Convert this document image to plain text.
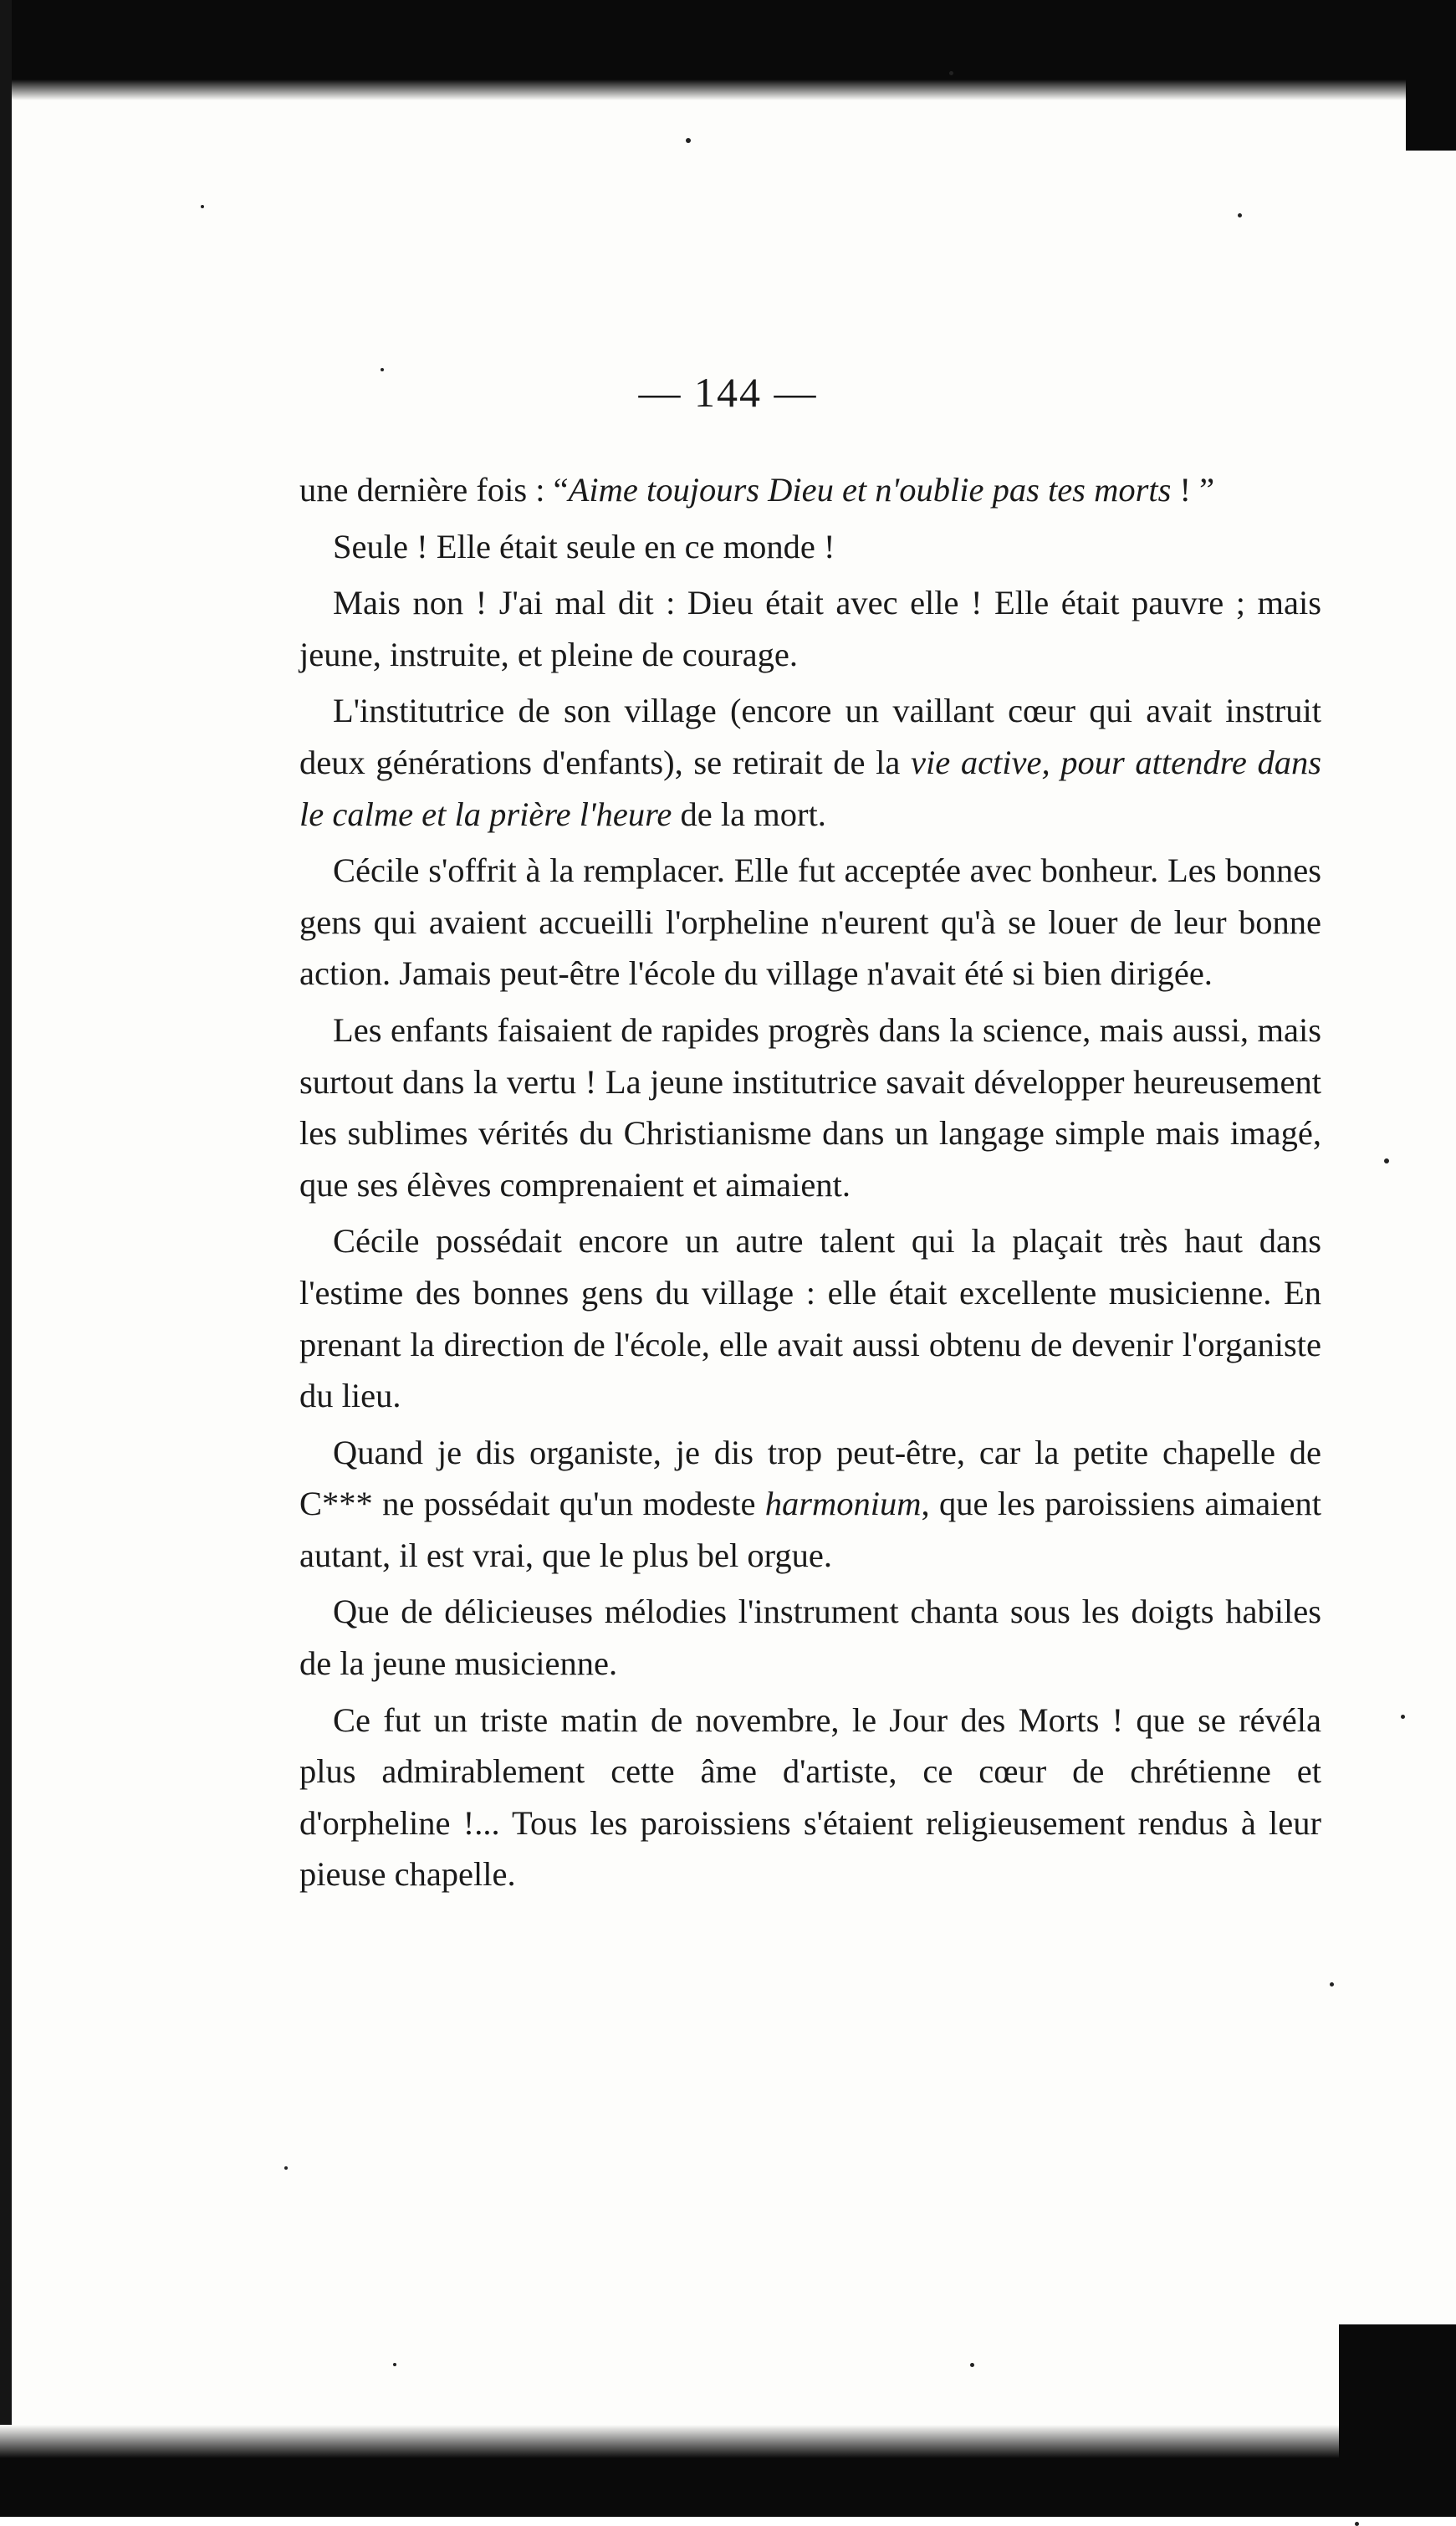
— 144 —

une dernière fois : “Aime toujours Dieu et n'oublie pas tes morts ! ”

Seule ! Elle était seule en ce monde !

Mais non ! J'ai mal dit : Dieu était avec elle ! Elle était pauvre ; mais jeune, instruite, et pleine de courage.

L'institutrice de son village (encore un vaillant cœur qui avait instruit deux générations d'enfants), se retirait de la vie active, pour attendre dans le calme et la prière l'heure de la mort.

Cécile s'offrit à la remplacer. Elle fut acceptée avec bonheur. Les bonnes gens qui avaient accueilli l'orpheline n'eurent qu'à se louer de leur bonne action. Jamais peut-être l'école du village n'avait été si bien dirigée.

Les enfants faisaient de rapides progrès dans la science, mais aussi, mais surtout dans la vertu ! La jeune institutrice savait développer heureusement les sublimes vérités du Christianisme dans un langage simple mais imagé, que ses élèves comprenaient et aimaient.

Cécile possédait encore un autre talent qui la plaçait très haut dans l'estime des bonnes gens du village : elle était excellente musicienne. En prenant la direction de l'école, elle avait aussi obtenu de devenir l'organiste du lieu.

Quand je dis organiste, je dis trop peut-être, car la petite chapelle de C*** ne possédait qu'un modeste harmonium, que les paroissiens aimaient autant, il est vrai, que le plus bel orgue.

Que de délicieuses mélodies l'instrument chanta sous les doigts habiles de la jeune musicienne.

Ce fut un triste matin de novembre, le Jour des Morts ! que se révéla plus admirablement cette âme d'artiste, ce cœur de chrétienne et d'orpheline !... Tous les paroissiens s'étaient religieusement rendus à leur pieuse chapelle.
